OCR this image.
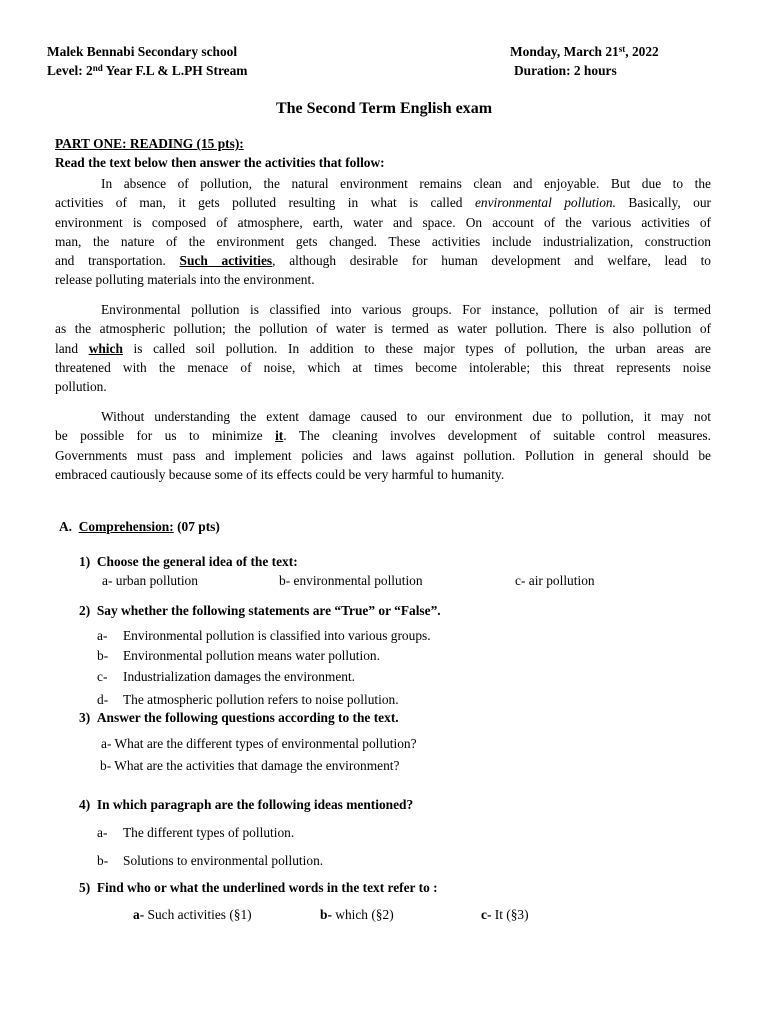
Malek Bennabi Secondary school	Monday, March 21st, 2022
Level: 2nd Year F.L & L.PH Stream	Duration: 2 hours
The Second Term English exam
PART ONE: READING (15 pts):
Read the text below then answer the activities that follow:
In absence of pollution, the natural environment remains clean and enjoyable. But due to the
activities of man, it gets polluted resulting in what is called environmental pollution. Basically, our
environment is composed of atmosphere, earth, water and space. On account of the various activities of
man, the nature of the environment gets changed. These activities include industrialization, construction
and transportation. Such activities, although desirable for human development and welfare, lead to
release polluting materials into the environment.
Environmental pollution is classified into various groups. For instance, pollution of air is termed
as the atmospheric pollution; the pollution of water is termed as water pollution. There is also pollution of
land which is called soil pollution. In addition to these major types of pollution, the urban areas are
threatened with the menace of noise, which at times become intolerable; this threat represents noise
pollution.
Without understanding the extent damage caused to our environment due to pollution, it may not
be possible for us to minimize it. The cleaning involves development of suitable control measures.
Governments must pass and implement policies and laws against pollution. Pollution in general should be
embraced cautiously because some of its effects could be very harmful to humanity.
A. Comprehension: (07 pts)
1) Choose the general idea of the text:
a- urban pollution	b- environmental pollution	c- air pollution
2) Say whether the following statements are “True” or “False”.
a- Environmental pollution is classified into various groups.
b- Environmental pollution means water pollution.
c- Industrialization damages the environment.
d- The atmospheric pollution refers to noise pollution.
3) Answer the following questions according to the text.
a- What are the different types of environmental pollution?
b- What are the activities that damage the environment?
4) In which paragraph are the following ideas mentioned?
a- The different types of pollution.
b- Solutions to environmental pollution.
5) Find who or what the underlined words in the text refer to :
a- Such activities (§1)	b- which (§2)	c- It (§3)
